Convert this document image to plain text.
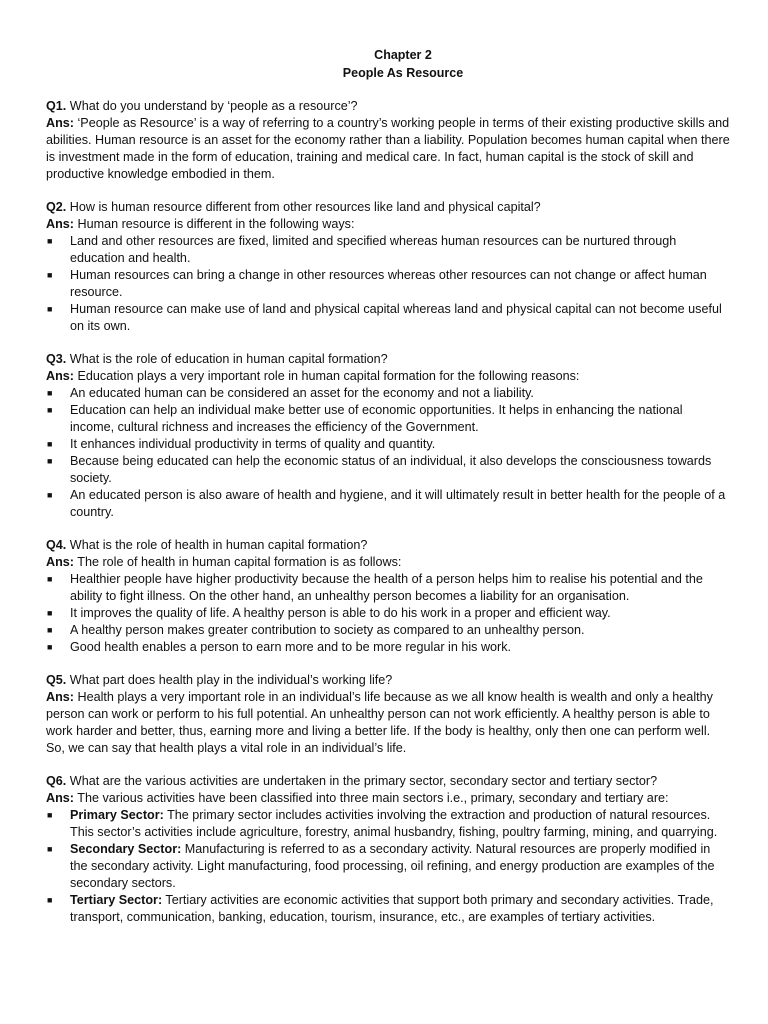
Chapter 2
People As Resource
Q1. What do you understand by ‘people as a resource’?
Ans: ‘People as Resource’ is a way of referring to a country’s working people in terms of their existing productive skills and abilities. Human resource is an asset for the economy rather than a liability. Population becomes human capital when there is investment made in the form of education, training and medical care. In fact, human capital is the stock of skill and productive knowledge embodied in them.
Q2. How is human resource different from other resources like land and physical capital?
Ans: Human resource is different in the following ways:
■ Land and other resources are fixed, limited and specified whereas human resources can be nurtured through education and health.
■ Human resources can bring a change in other resources whereas other resources can not change or affect human resource.
■ Human resource can make use of land and physical capital whereas land and physical capital can not become useful on its own.
Q3. What is the role of education in human capital formation?
Ans: Education plays a very important role in human capital formation for the following reasons:
■ An educated human can be considered an asset for the economy and not a liability.
■ Education can help an individual make better use of economic opportunities. It helps in enhancing the national income, cultural richness and increases the efficiency of the Government.
■ It enhances individual productivity in terms of quality and quantity.
■ Because being educated can help the economic status of an individual, it also develops the consciousness towards society.
■ An educated person is also aware of health and hygiene, and it will ultimately result in better health for the people of a country.
Q4. What is the role of health in human capital formation?
Ans: The role of health in human capital formation is as follows:
■ Healthier people have higher productivity because the health of a person helps him to realise his potential and the ability to fight illness. On the other hand, an unhealthy person becomes a liability for an organisation.
■ It improves the quality of life. A healthy person is able to do his work in a proper and efficient way.
■ A healthy person makes greater contribution to society as compared to an unhealthy person.
■ Good health enables a person to earn more and to be more regular in his work.
Q5. What part does health play in the individual’s working life?
Ans: Health plays a very important role in an individual’s life because as we all know health is wealth and only a healthy person can work or perform to his full potential. An unhealthy person can not work efficiently. A healthy person is able to work harder and better, thus, earning more and living a better life. If the body is healthy, only then one can perform well. So, we can say that health plays a vital role in an individual’s life.
Q6. What are the various activities are undertaken in the primary sector, secondary sector and tertiary sector?
Ans: The various activities have been classified into three main sectors i.e., primary, secondary and tertiary are:
■ Primary Sector: The primary sector includes activities involving the extraction and production of natural resources. This sector’s activities include agriculture, forestry, animal husbandry, fishing, poultry farming, mining, and quarrying.
■ Secondary Sector: Manufacturing is referred to as a secondary activity. Natural resources are properly modified in the secondary activity. Light manufacturing, food processing, oil refining, and energy production are examples of the secondary sectors.
■ Tertiary Sector: Tertiary activities are economic activities that support both primary and secondary activities. Trade, transport, communication, banking, education, tourism, insurance, etc., are examples of tertiary activities.
